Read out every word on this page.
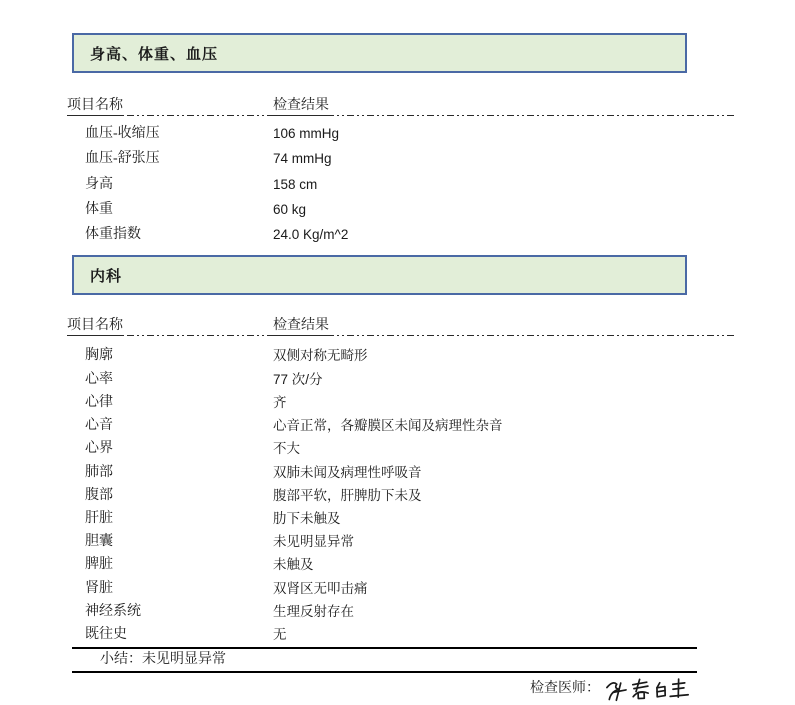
身高、体重、血压
项目名称	检查结果
血压-收缩压	106 mmHg
血压-舒张压	74 mmHg
身高	158 cm
体重	60 kg
体重指数	24.0 Kg/m^2
内科
项目名称	检查结果
胸廓	双侧对称无畸形
心率	77 次/分
心律	齐
心音	心音正常，各瓣膜区未闻及病理性杂音
心界	不大
肺部	双肺未闻及病理性呼吸音
腹部	腹部平软，肝脾肋下未及
肝脏	肋下未触及
胆囊	未见明显异常
脾脏	未触及
肾脏	双肾区无叩击痛
神经系统	生理反射存在
既往史	无
小结：未见明显异常
检查医师：
